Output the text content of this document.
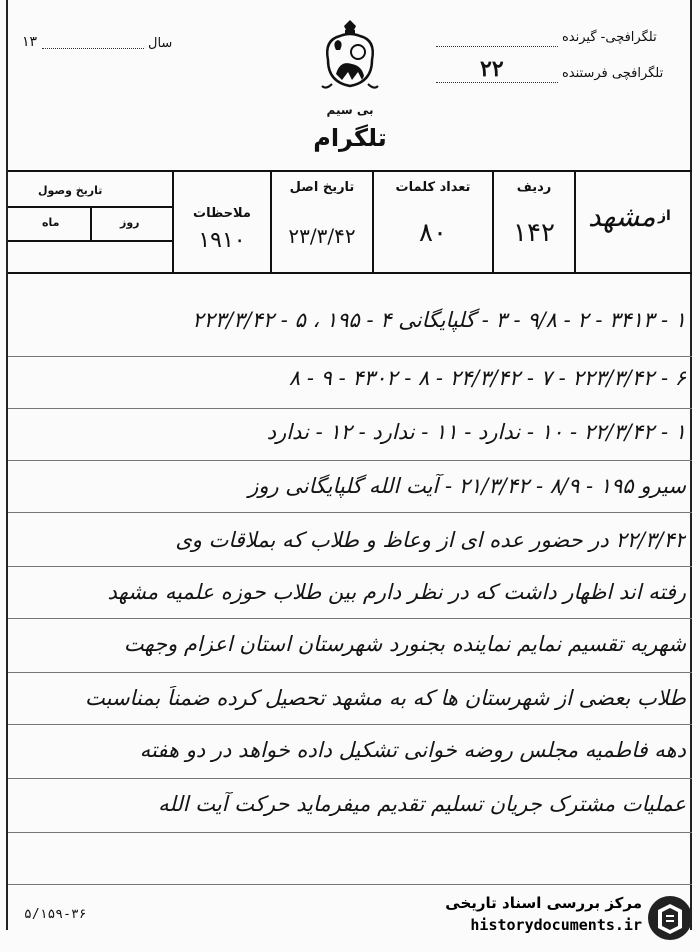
تلگرافچی- گیرنده
تلگرافچی فرستنده
۲۲
سال
۱۳
بی سیم
تلگرام
از
مشهد
ردیف
۱۴۲
تعداد کلمات
۸۰
تاریخ اصل
۲۳/۳/۴۲
ملاحظات
۱۹۱۰
تاریخ وصول
روز
ماه
۱ - ۳۴۱۳ - ۲ - ۹/۸ - ۳ - گلپایگانی ۴ - ۱۹۵ ، ۵ - ۲۲۳/۳/۴۲
۶ - ۲۲۳/۳/۴۲ - ۷ - ۲۴/۳/۴۲ - ۸ - ۴۳۰۲ - ۹ - ۸
۱ - ۲۲/۳/۴۲ - ۱۰ - ندارد - ۱۱ - ندارد - ۱۲ - ندارد
سیرو ۱۹۵ - ۸/۹ - ۲۱/۳/۴۲ - آیت الله گلپایگانی روز
۲۲/۳/۴۲ در حضور عده ای از وعاظ و طلاب که بملاقات وی
رفته اند اظهار داشت که در نظر دارم بین طلاب حوزه علمیه مشهد
شهریه تقسیم نمایم نماینده بجنورد شهرستان استان اعزام وجهت
طلاب بعضی از شهرستان ها که به مشهد تحصیل کرده ضمناً بمناسبت
دهه فاطمیه مجلس روضه خوانی تشکیل داده خواهد در دو هفته
عملیات مشترک جریان تسلیم تقدیم میفرماید حرکت آیت الله
۵/۱۵۹-۳۶
مرکز بررسی اسناد تاریخی
historydocuments.ir
